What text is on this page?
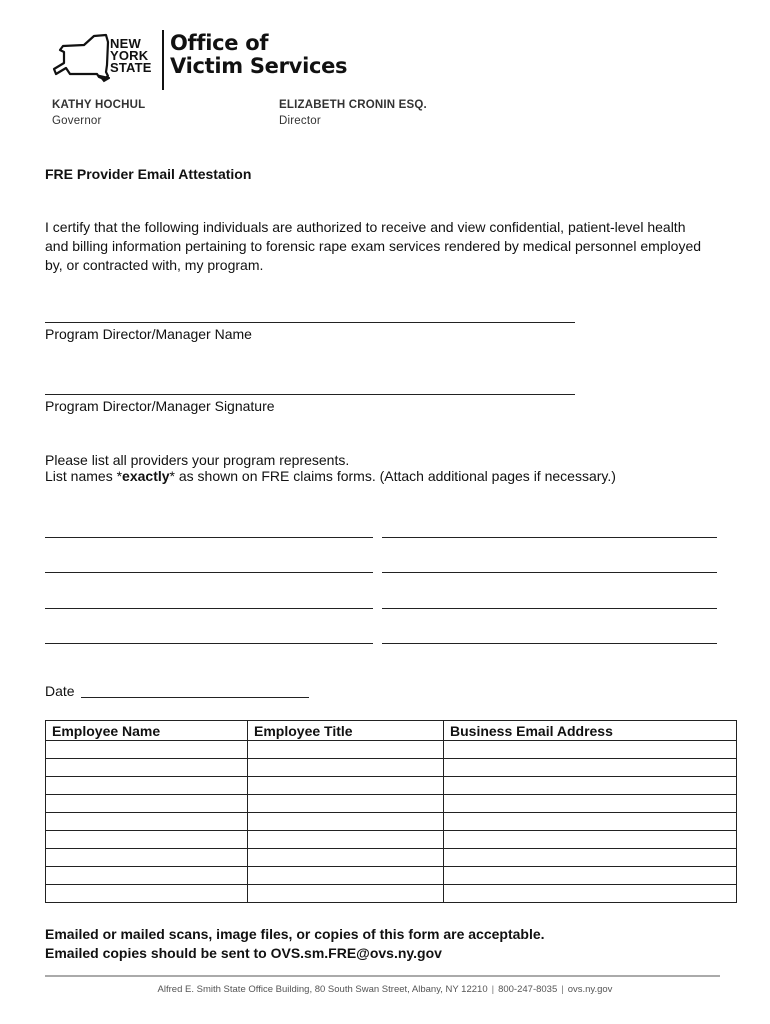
NEW
YORK
STATE
Office of
Victim Services
KATHY HOCHUL
Governor
ELIZABETH CRONIN ESQ.
Director
FRE Provider Email Attestation
I certify that the following individuals are authorized to receive and view confidential, patient-level health and billing information pertaining to forensic rape exam services rendered by medical personnel employed by, or contracted with, my program.
Program Director/Manager Name
Program Director/Manager Signature
Please list all providers your program represents.
List names *exactly* as shown on FRE claims forms. (Attach additional pages if necessary.)
Date
Employee Name	Employee Title	Business Email Address

Emailed or mailed scans, image files, or copies of this form are acceptable.
Emailed copies should be sent to OVS.sm.FRE@ovs.ny.gov
Alfred E. Smith State Office Building, 80 South Swan Street, Albany, NY 12210 | 800-247-8035 | ovs.ny.gov
